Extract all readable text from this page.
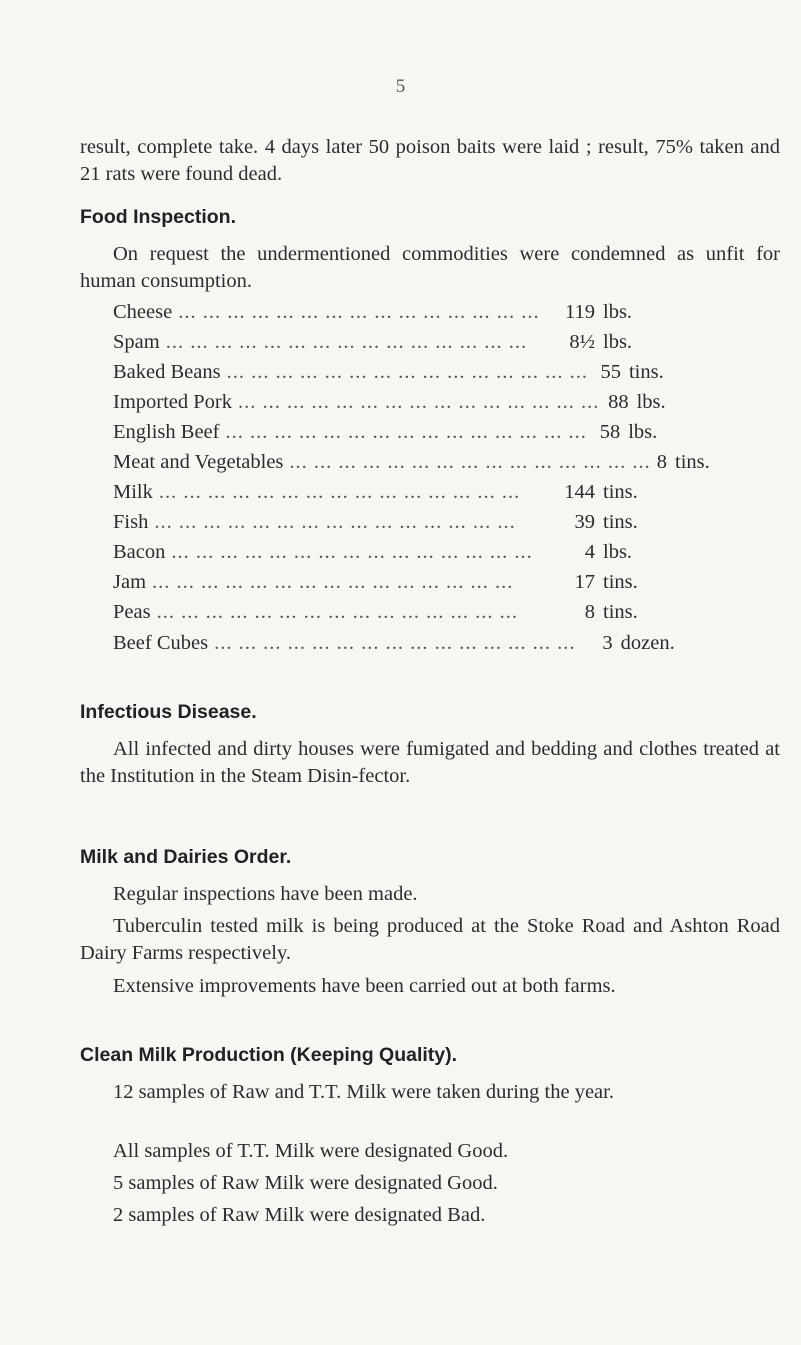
5

result, complete take. 4 days later 50 poison baits were laid ; result, 75% taken and 21 rats were found dead.

Food Inspection.

On request the undermentioned commodities were condemned as unfit for human consumption.

Cheese ... ... ... ... ... ... ... ... ... ... ... ... ... ... ...	119 lbs.
Spam ... ... ... ... ... ... ... ... ... ... ... ... ... ... ...	8½ lbs.
Baked Beans ... ... ... ... ... ... ... ... ... ... ... ... ... ... ... 55 tins.
Imported Pork ... ... ... ... ... ... ... ... ... ... ... ... ... ... ... 88 lbs.
English Beef ... ... ... ... ... ... ... ... ... ... ... ... ... ... ... 58 lbs.
Meat and Vegetables ... ... ... ... ... ... ... ... ... ... ... ... ... ... ... 8 tins.
Milk ... ... ... ... ... ... ... ... ... ... ... ... ... ... ...	144 tins.
Fish ... ... ... ... ... ... ... ... ... ... ... ... ... ... ...	39 tins.
Bacon ... ... ... ... ... ... ... ... ... ... ... ... ... ... ...	4 lbs.
Jam ... ... ... ... ... ... ... ... ... ... ... ... ... ... ...	17 tins.
Peas ... ... ... ... ... ... ... ... ... ... ... ... ... ... ...	8 tins.
Beef Cubes ... ... ... ... ... ... ... ... ... ... ... ... ... ... ...	3 dozen.
Infectious Disease.

All infected and dirty houses were fumigated and bedding and clothes treated at the Institution in the Steam Disin-fector.

Milk and Dairies Order.

Regular inspections have been made.

Tuberculin tested milk is being produced at the Stoke Road and Ashton Road Dairy Farms respectively.

Extensive improvements have been carried out at both farms.

Clean Milk Production (Keeping Quality).

12 samples of Raw and T.T. Milk were taken during the year.

All samples of T.T. Milk were designated Good.

5 samples of Raw Milk were designated Good.

2 samples of Raw Milk were designated Bad.
